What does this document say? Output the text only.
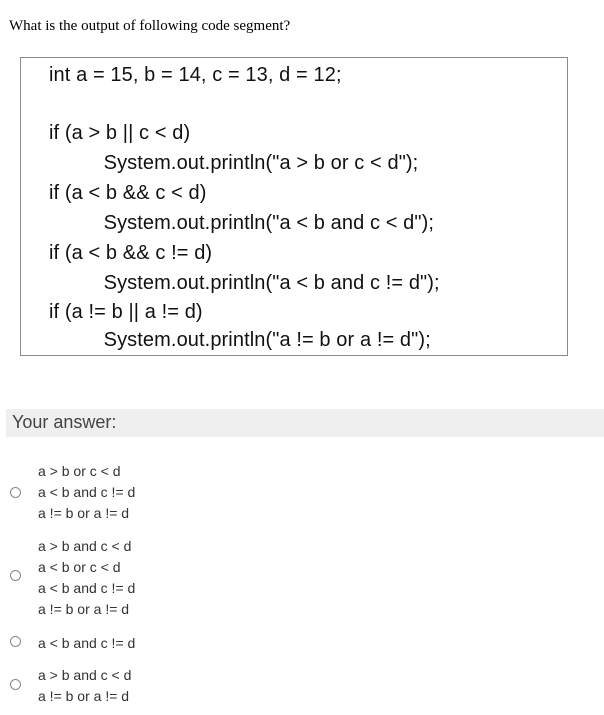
What is the output of following code segment?
int a = 15, b = 14, c = 13, d = 12;
if (a > b || c < d)
System.out.println("a > b or c < d");
if (a < b && c < d)
System.out.println("a < b and c < d");
if (a < b && c != d)
System.out.println("a < b and c != d");
if (a != b || a != d)
System.out.println("a != b or a != d");
Your answer:
a > b or c < d
a < b and c != d
a != b or a != d
a > b and c < d
a < b or c < d
a < b and c != d
a != b or a != d
a < b and c != d
a > b and c < d
a != b or a != d
